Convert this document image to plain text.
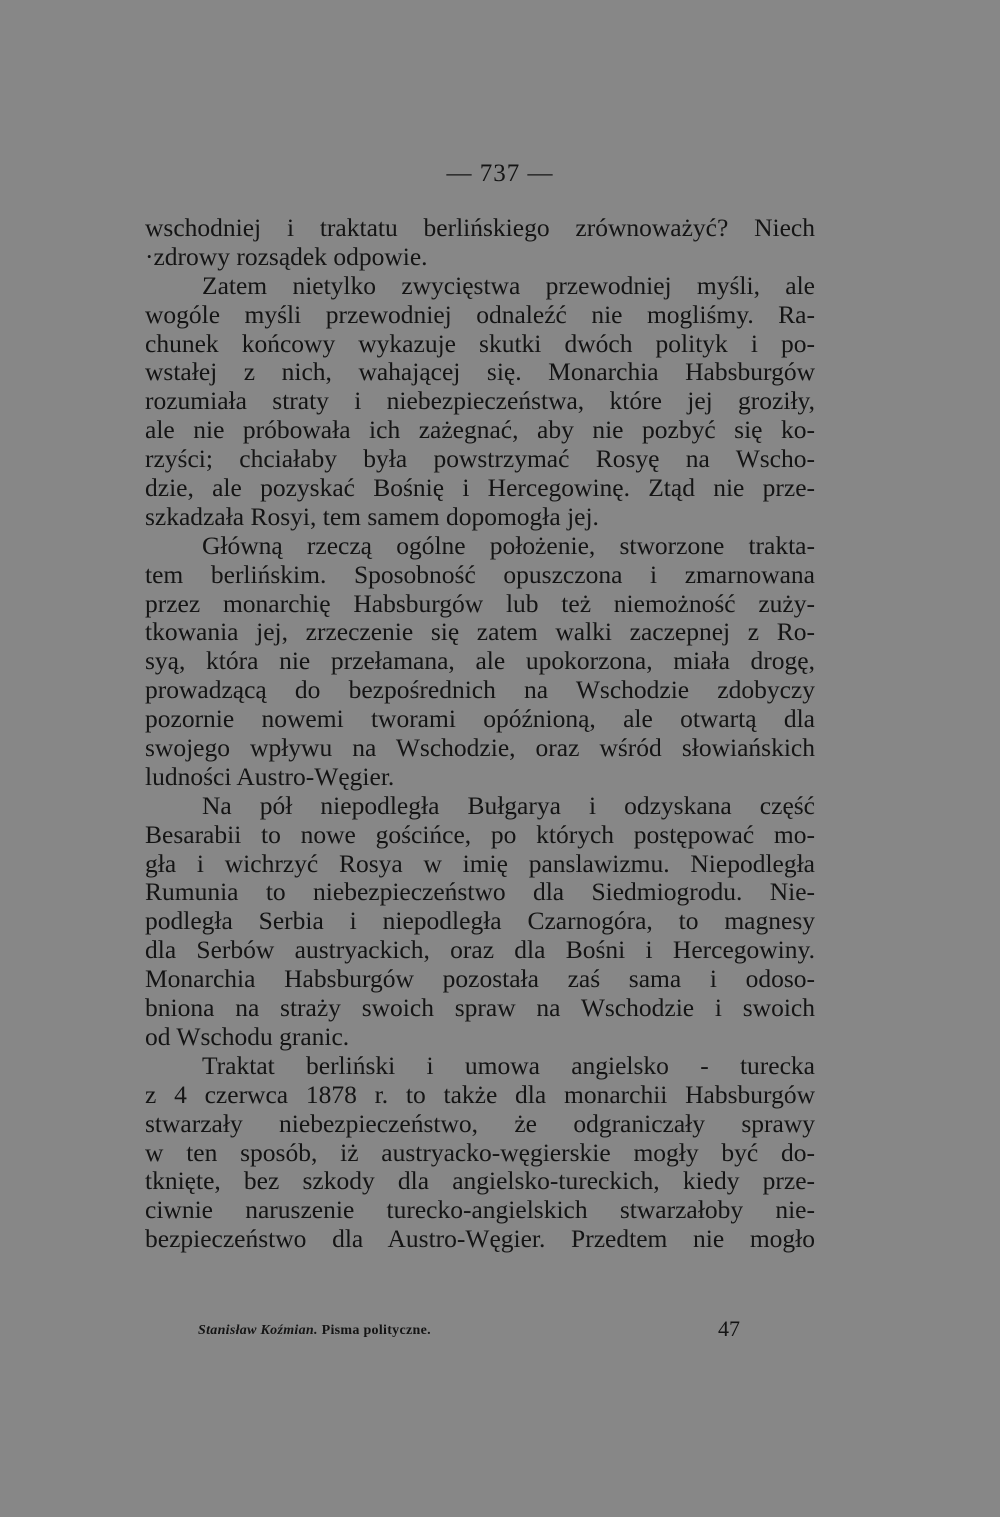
— 737 —
wschodniej i traktatu berlińskiego zrównoważyć? Niech
·zdrowy rozsądek odpowie.
Zatem nietylko zwycięstwa przewodniej myśli, ale
wogóle myśli przewodniej odnaleźć nie mogliśmy. Ra-
chunek końcowy wykazuje skutki dwóch polityk i po-
wstałej z nich, wahającej się. Monarchia Habsburgów
rozumiała straty i niebezpieczeństwa, które jej groziły,
ale nie próbowała ich zażegnać, aby nie pozbyć się ko-
rzyści; chciałaby była powstrzymać Rosyę na Wscho-
dzie, ale pozyskać Bośnię i Hercegowinę. Ztąd nie prze-
szkadzała Rosyi, tem samem dopomogła jej.
Główną rzeczą ogólne położenie, stworzone trakta-
tem berlińskim. Sposobność opuszczona i zmarnowana
przez monarchię Habsburgów lub też niemożność zuży-
tkowania jej, zrzeczenie się zatem walki zaczepnej z Ro-
syą, która nie przełamana, ale upokorzona, miała drogę,
prowadzącą do bezpośrednich na Wschodzie zdobyczy
pozornie nowemi tworami opóźnioną, ale otwartą dla
swojego wpływu na Wschodzie, oraz wśród słowiańskich
ludności Austro-Węgier.
Na pół niepodległa Bułgarya i odzyskana część
Besarabii to nowe gościńce, po których postępować mo-
gła i wichrzyć Rosya w imię panslawizmu. Niepodległa
Rumunia to niebezpieczeństwo dla Siedmiogrodu. Nie-
podległa Serbia i niepodległa Czarnogóra, to magnesy
dla Serbów austryackich, oraz dla Bośni i Hercegowiny.
Monarchia Habsburgów pozostała zaś sama i odoso-
bniona na straży swoich spraw na Wschodzie i swoich
od Wschodu granic.
Traktat berliński i umowa angielsko - turecka
z 4 czerwca 1878 r. to także dla monarchii Habsburgów
stwarzały niebezpieczeństwo, że odgraniczały sprawy
w ten sposób, iż austryacko-węgierskie mogły być do-
tknięte, bez szkody dla angielsko-tureckich, kiedy prze-
ciwnie naruszenie turecko-angielskich stwarzałoby nie-
bezpieczeństwo dla Austro-Węgier. Przedtem nie mogło
Stanisław Koźmian. Pisma polityczne.	47
